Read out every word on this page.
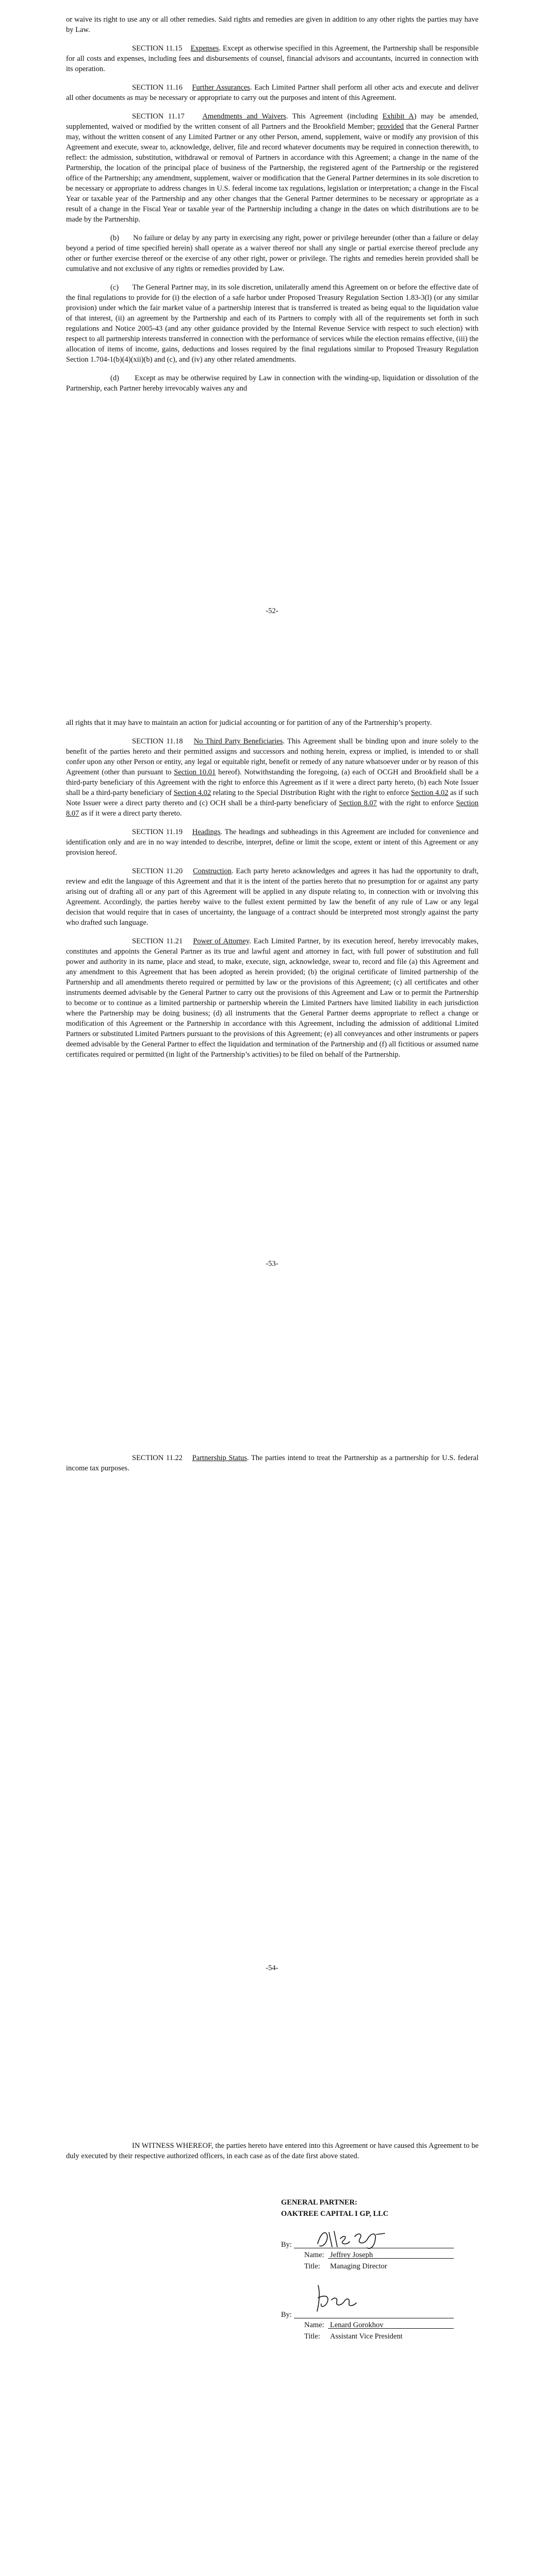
or waive its right to use any or all other remedies. Said rights and remedies are given in addition to any other rights the parties may have by Law.

SECTION 11.15 Expenses. Except as otherwise specified in this Agreement, the Partnership shall be responsible for all costs and expenses, including fees and disbursements of counsel, financial advisors and accountants, incurred in connection with its operation.

SECTION 11.16 Further Assurances. Each Limited Partner shall perform all other acts and execute and deliver all other documents as may be necessary or appropriate to carry out the purposes and intent of this Agreement.

SECTION 11.17 Amendments and Waivers. This Agreement (including Exhibit A) may be amended, supplemented, waived or modified by the written consent of all Partners and the Brookfield Member; provided that the General Partner may, without the written consent of any Limited Partner or any other Person, amend, supplement, waive or modify any provision of this Agreement and execute, swear to, acknowledge, deliver, file and record whatever documents may be required in connection therewith, to reflect: the admission, substitution, withdrawal or removal of Partners in accordance with this Agreement; a change in the name of the Partnership, the location of the principal place of business of the Partnership, the registered agent of the Partnership or the registered office of the Partnership; any amendment, supplement, waiver or modification that the General Partner determines in its sole discretion to be necessary or appropriate to address changes in U.S. federal income tax regulations, legislation or interpretation; a change in the Fiscal Year or taxable year of the Partnership and any other changes that the General Partner determines to be necessary or appropriate as a result of a change in the Fiscal Year or taxable year of the Partnership including a change in the dates on which distributions are to be made by the Partnership.

(b) No failure or delay by any party in exercising any right, power or privilege hereunder (other than a failure or delay beyond a period of time specified herein) shall operate as a waiver thereof nor shall any single or partial exercise thereof preclude any other or further exercise thereof or the exercise of any other right, power or privilege. The rights and remedies herein provided shall be cumulative and not exclusive of any rights or remedies provided by Law.

(c) The General Partner may, in its sole discretion, unilaterally amend this Agreement on or before the effective date of the final regulations to provide for (i) the election of a safe harbor under Proposed Treasury Regulation Section 1.83-3(l) (or any similar provision) under which the fair market value of a partnership interest that is transferred is treated as being equal to the liquidation value of that interest, (ii) an agreement by the Partnership and each of its Partners to comply with all of the requirements set forth in such regulations and Notice 2005-43 (and any other guidance provided by the Internal Revenue Service with respect to such election) with respect to all partnership interests transferred in connection with the performance of services while the election remains effective, (iii) the allocation of items of income, gains, deductions and losses required by the final regulations similar to Proposed Treasury Regulation Section 1.704-1(b)(4)(xii)(b) and (c), and (iv) any other related amendments.

(d) Except as may be otherwise required by Law in connection with the winding-up, liquidation or dissolution of the Partnership, each Partner hereby irrevocably waives any and

-52-

all rights that it may have to maintain an action for judicial accounting or for partition of any of the Partnership’s property.

SECTION 11.18 No Third Party Beneficiaries. This Agreement shall be binding upon and inure solely to the benefit of the parties hereto and their permitted assigns and successors and nothing herein, express or implied, is intended to or shall confer upon any other Person or entity, any legal or equitable right, benefit or remedy of any nature whatsoever under or by reason of this Agreement (other than pursuant to Section 10.01 hereof). Notwithstanding the foregoing, (a) each of OCGH and Brookfield shall be a third-party beneficiary of this Agreement with the right to enforce this Agreement as if it were a direct party hereto, (b) each Note Issuer shall be a third-party beneficiary of Section 4.02 relating to the Special Distribution Right with the right to enforce Section 4.02 as if such Note Issuer were a direct party thereto and (c) OCH shall be a third-party beneficiary of Section 8.07 with the right to enforce Section 8.07 as if it were a direct party thereto.

SECTION 11.19 Headings. The headings and subheadings in this Agreement are included for convenience and identification only and are in no way intended to describe, interpret, define or limit the scope, extent or intent of this Agreement or any provision hereof.

SECTION 11.20 Construction. Each party hereto acknowledges and agrees it has had the opportunity to draft, review and edit the language of this Agreement and that it is the intent of the parties hereto that no presumption for or against any party arising out of drafting all or any part of this Agreement will be applied in any dispute relating to, in connection with or involving this Agreement. Accordingly, the parties hereby waive to the fullest extent permitted by law the benefit of any rule of Law or any legal decision that would require that in cases of uncertainty, the language of a contract should be interpreted most strongly against the party who drafted such language.

SECTION 11.21 Power of Attorney. Each Limited Partner, by its execution hereof, hereby irrevocably makes, constitutes and appoints the General Partner as its true and lawful agent and attorney in fact, with full power of substitution and full power and authority in its name, place and stead, to make, execute, sign, acknowledge, swear to, record and file (a) this Agreement and any amendment to this Agreement that has been adopted as herein provided; (b) the original certificate of limited partnership of the Partnership and all amendments thereto required or permitted by law or the provisions of this Agreement; (c) all certificates and other instruments deemed advisable by the General Partner to carry out the provisions of this Agreement and Law or to permit the Partnership to become or to continue as a limited partnership or partnership wherein the Limited Partners have limited liability in each jurisdiction where the Partnership may be doing business; (d) all instruments that the General Partner deems appropriate to reflect a change or modification of this Agreement or the Partnership in accordance with this Agreement, including the admission of additional Limited Partners or substituted Limited Partners pursuant to the provisions of this Agreement; (e) all conveyances and other instruments or papers deemed advisable by the General Partner to effect the liquidation and termination of the Partnership and (f) all fictitious or assumed name certificates required or permitted (in light of the Partnership’s activities) to be filed on behalf of the Partnership.

-53-

SECTION 11.22 Partnership Status. The parties intend to treat the Partnership as a partnership for U.S. federal income tax purposes.

-54-

IN WITNESS WHEREOF, the parties hereto have entered into this Agreement or have caused this Agreement to be duly executed by their respective authorized officers, in each case as of the date first above stated.

GENERAL PARTNER:
OAKTREE CAPITAL I GP, LLC
By:
Name: Jeffrey Joseph
Title: Managing Director
By:
Name: Lenard Gorokhov
Title: Assistant Vice President
